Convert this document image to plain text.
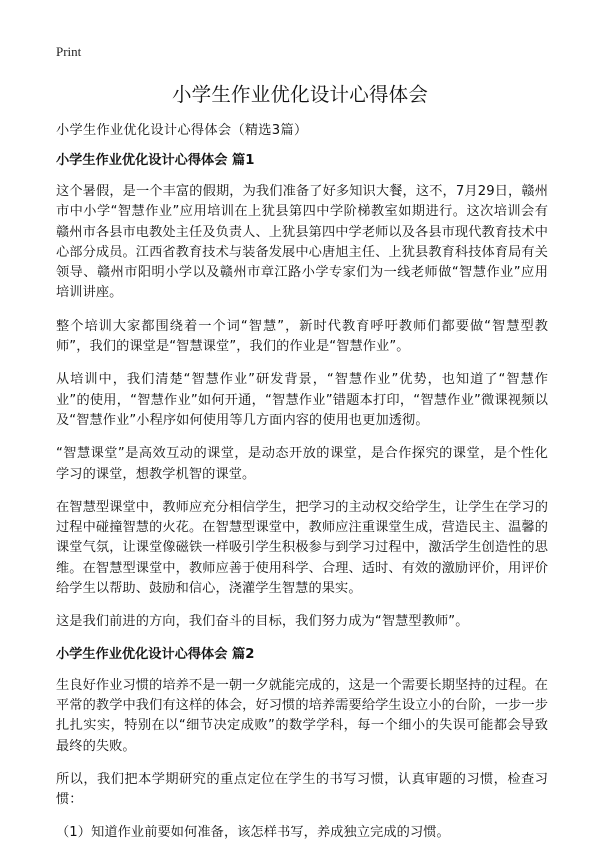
Print
小学生作业优化设计心得体会

小学生作业优化设计心得体会（精选3篇）

小学生作业优化设计心得体会 篇1

这个暑假，是一个丰富的假期，为我们准备了好多知识大餐，这不，7月29日，赣州市中小学“智慧作业”应用培训在上犹县第四中学阶梯教室如期进行。这次培训会有赣州市各县市电教处主任及负责人、上犹县第四中学老师以及各县市现代教育技术中心部分成员。江西省教育技术与装备发展中心唐旭主任、上犹县教育科技体育局有关领导、赣州市阳明小学以及赣州市章江路小学专家们为一线老师做“智慧作业”应用培训讲座。

整个培训大家都围绕着一个词“智慧”，新时代教育呼吁教师们都要做“智慧型教师”，我们的课堂是“智慧课堂”，我们的作业是“智慧作业”。

从培训中，我们清楚“智慧作业”研发背景，“智慧作业”优势，也知道了“智慧作业”的使用，“智慧作业”如何开通，“智慧作业”错题本打印，“智慧作业”微课视频以及“智慧作业”小程序如何使用等几方面内容的使用也更加透彻。

“智慧课堂”是高效互动的课堂，是动态开放的课堂，是合作探究的课堂，是个性化学习的课堂，想教学机智的课堂。

在智慧型课堂中，教师应充分相信学生，把学习的主动权交给学生，让学生在学习的过程中碰撞智慧的火花。在智慧型课堂中，教师应注重课堂生成，营造民主、温馨的课堂气氛，让课堂像磁铁一样吸引学生积极参与到学习过程中，激活学生创造性的思维。在智慧型课堂中，教师应善于使用科学、合理、适时、有效的激励评价，用评价给学生以帮助、鼓励和信心，浇灌学生智慧的果实。

这是我们前进的方向，我们奋斗的目标，我们努力成为“智慧型教师”。

小学生作业优化设计心得体会 篇2

生良好作业习惯的培养不是一朝一夕就能完成的，这是一个需要长期坚持的过程。在平常的教学中我们有这样的体会，好习惯的培养需要给学生设立小的台阶，一步一步扎扎实实，特别在以“细节决定成败”的数学学科，每一个细小的失误可能都会导致最终的失败。

所以，我们把本学期研究的重点定位在学生的书写习惯，认真审题的习惯，检查习惯：

（1）知道作业前要如何准备，该怎样书写，养成独立完成的习惯。
